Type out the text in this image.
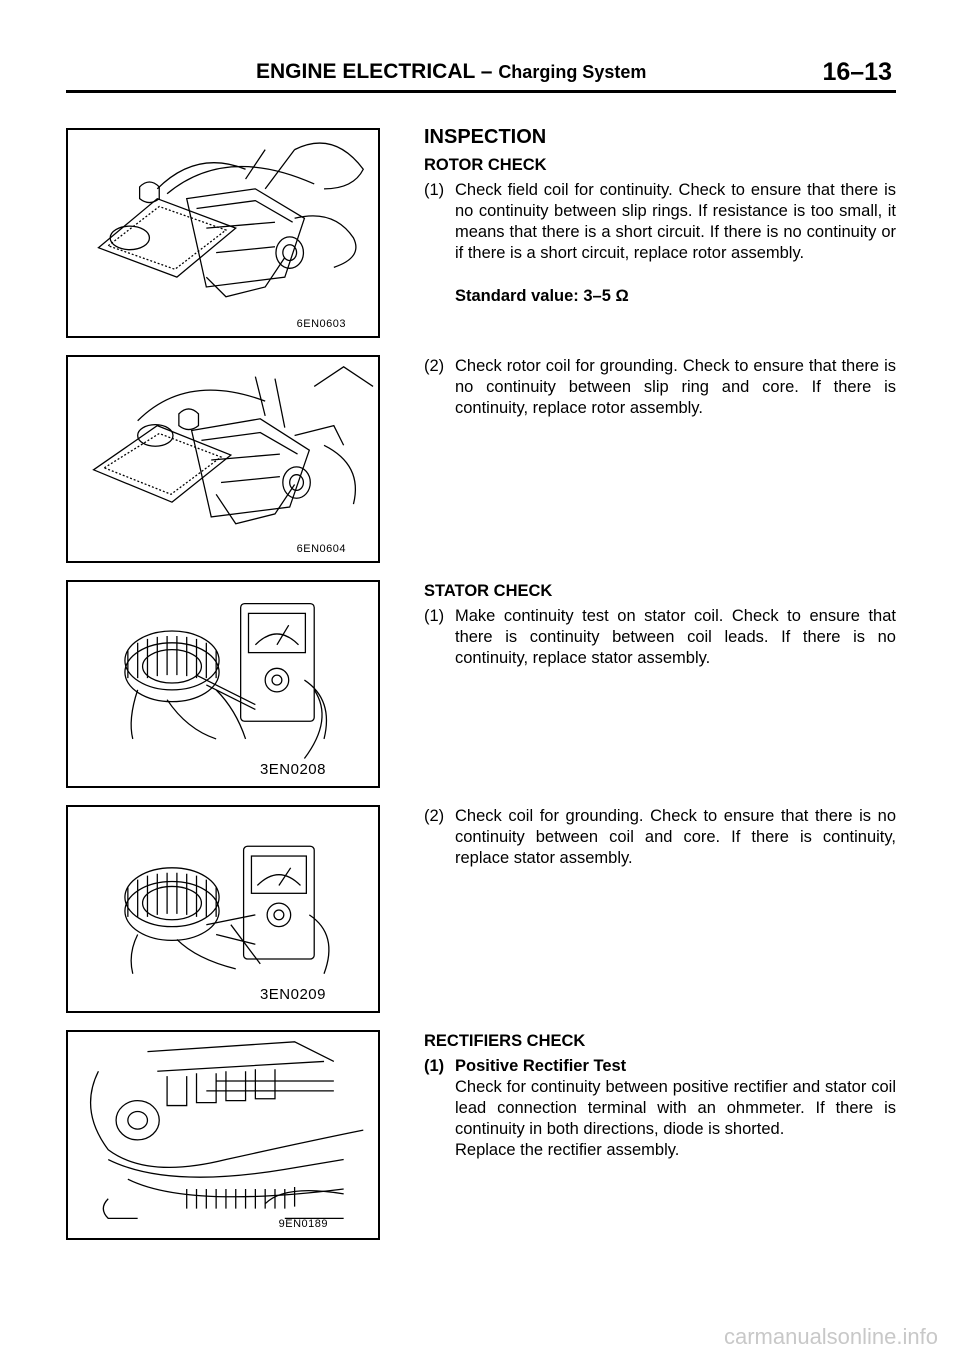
ENGINE ELECTRICAL – Charging System	16–13
6EN0603
6EN0604
3EN0208
3EN0209
9EN0189
INSPECTION
ROTOR CHECK
(1) Check field coil for continuity. Check to ensure that there is no continuity between slip rings. If resistance is too small, it means that there is a short circuit. If there is no continuity or if there is a short circuit, replace rotor assembly.
Standard value: 3–5 Ω
(2) Check rotor coil for grounding. Check to ensure that there is no continuity between slip ring and core. If there is continuity, replace rotor assembly.
STATOR CHECK
(1) Make continuity test on stator coil. Check to ensure that there is continuity between coil leads. If there is no continuity, replace stator assembly.
(2) Check coil for grounding. Check to ensure that there is no continuity between coil and core. If there is continuity, replace stator assembly.
RECTIFIERS CHECK
(1) Positive Rectifier Test
Check for continuity between positive rectifier and stator coil lead connection terminal with an ohmmeter. If there is continuity in both directions, diode is shorted.
Replace the rectifier assembly.
carmanualsonline.info
